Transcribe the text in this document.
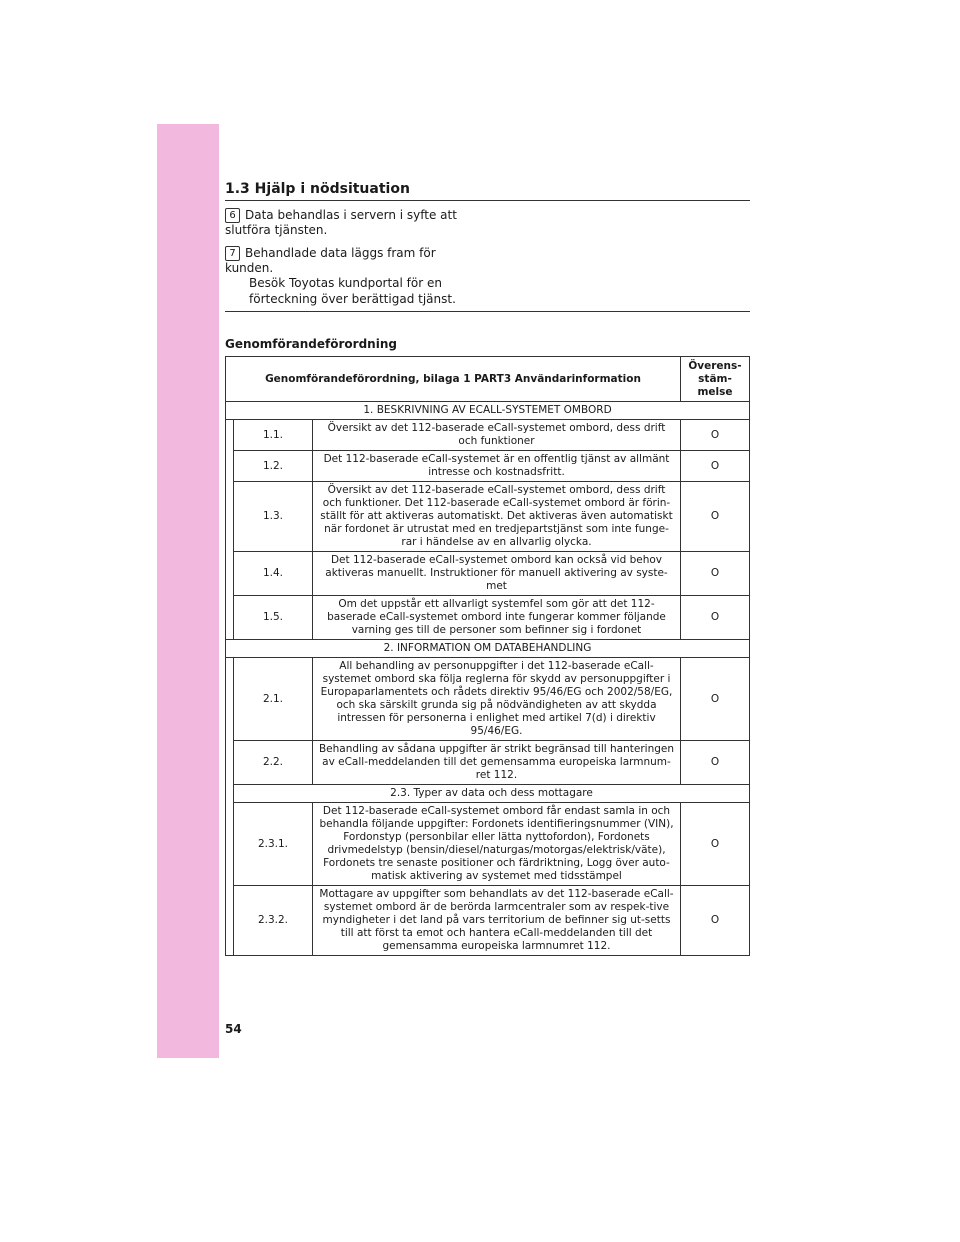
1.3 Hjälp i nödsituation
6 Data behandlas i servern i syfte att slutföra tjänsten.
7 Behandlade data läggs fram för kunden.
Besök Toyotas kundportal för en förteckning över berättigad tjänst.
Genomförandeförordning
Genomförandeförordning, bilaga 1 PART3 Användarinformation			Överens-stäm-melse
1. BESKRIVNING AV ECALL-SYSTEMET OMBORD			
	1.1.	Översikt av det 112-baserade eCall-systemet ombord, dess drift och funktioner	O
	1.2.	Det 112-baserade eCall-systemet är en offentlig tjänst av allmänt intresse och kostnadsfritt.	O
	1.3.	Översikt av det 112-baserade eCall-systemet ombord, dess drift och funktioner. Det 112-baserade eCall-systemet ombord är förin-ställt för att aktiveras automatiskt. Det aktiveras även automatiskt när fordonet är utrustat med en tredjepartstjänst som inte funge-rar i händelse av en allvarlig olycka.	O
	1.4.	Det 112-baserade eCall-systemet ombord kan också vid behov aktiveras manuellt. Instruktioner för manuell aktivering av syste-met	O
	1.5.	Om det uppstår ett allvarligt systemfel som gör att det 112-baserade eCall-systemet ombord inte fungerar kommer följande varning ges till de personer som befinner sig i fordonet	O
2. INFORMATION OM DATABEHANDLING			
	2.1.	All behandling av personuppgifter i det 112-baserade eCall-systemet ombord ska följa reglerna för skydd av personuppgifter i Europaparlamentets och rådets direktiv 95/46/EG och 2002/58/EG, och ska särskilt grunda sig på nödvändigheten av att skydda intressen för personerna i enlighet med artikel 7(d) i direktiv 95/46/EG.	O
	2.2.	Behandling av sådana uppgifter är strikt begränsad till hanteringen av eCall-meddelanden till det gemensamma europeiska larmnum-ret 112.	O
	2.3. Typer av data och dess mottagare		
	2.3.1.	Det 112-baserade eCall-systemet ombord får endast samla in och behandla följande uppgifter: Fordonets identifieringsnummer (VIN), Fordonstyp (personbilar eller lätta nyttofordon), Fordonets drivmedelstyp (bensin/diesel/naturgas/motorgas/elektrisk/väte), Fordonets tre senaste positioner och färdriktning, Logg över auto-matisk aktivering av systemet med tidsstämpel	O
	2.3.2.	Mottagare av uppgifter som behandlats av det 112-baserade eCall-systemet ombord är de berörda larmcentraler som av respek-tive myndigheter i det land på vars territorium de befinner sig ut-setts till att först ta emot och hantera eCall-meddelanden till det gemensamma europeiska larmnumret 112.	O
54
